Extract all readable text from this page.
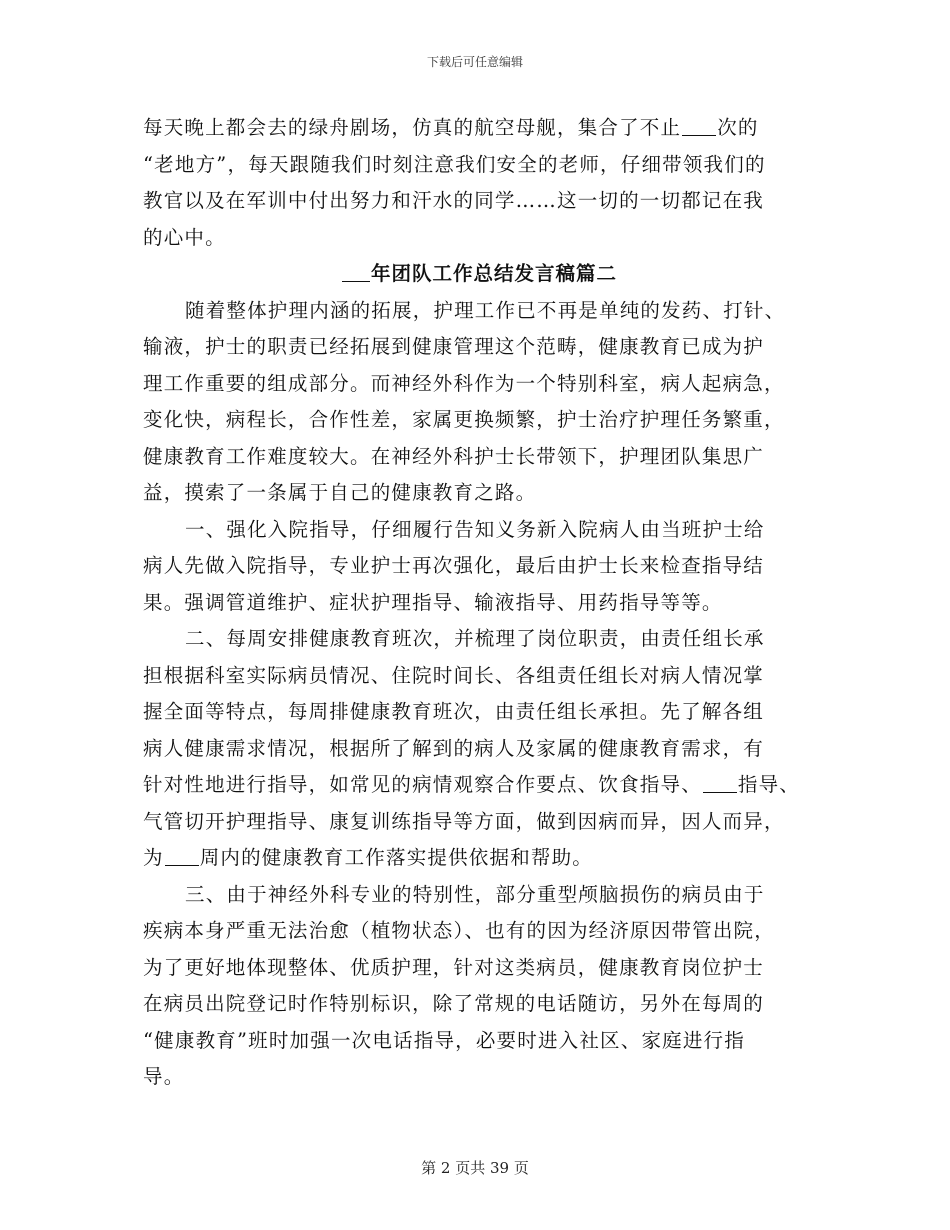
下载后可任意编辑
每天晚上都会去的绿舟剧场，仿真的航空母舰，集合了不止 次的
“老地方”，每天跟随我们时刻注意我们安全的老师，仔细带领我们的
教官以及在军训中付出努力和汗水的同学……这一切的一切都记在我
的心中。
年团队工作总结发言稿篇二
随着整体护理内涵的拓展，护理工作已不再是单纯的发药、打针、
输液，护士的职责已经拓展到健康管理这个范畴，健康教育已成为护
理工作重要的组成部分。而神经外科作为一个特别科室，病人起病急，
变化快，病程长，合作性差，家属更换频繁，护士治疗护理任务繁重，
健康教育工作难度较大。在神经外科护士长带领下，护理团队集思广
益，摸索了一条属于自己的健康教育之路。
一、强化入院指导，仔细履行告知义务新入院病人由当班护士给
病人先做入院指导，专业护士再次强化，最后由护士长来检查指导结
果。强调管道维护、症状护理指导、输液指导、用药指导等等。
二、每周安排健康教育班次，并梳理了岗位职责，由责任组长承
担根据科室实际病员情况、住院时间长、各组责任组长对病人情况掌
握全面等特点，每周排健康教育班次，由责任组长承担。先了解各组
病人健康需求情况，根据所了解到的病人及家属的健康教育需求，有
针对性地进行指导，如常见的病情观察合作要点、饮食指导、 指导、
气管切开护理指导、康复训练指导等方面，做到因病而异，因人而异，
为 周内的健康教育工作落实提供依据和帮助。
三、由于神经外科专业的特别性，部分重型颅脑损伤的病员由于
疾病本身严重无法治愈（植物状态）、也有的因为经济原因带管出院，
为了更好地体现整体、优质护理，针对这类病员，健康教育岗位护士
在病员出院登记时作特别标识，除了常规的电话随访，另外在每周的
“健康教育”班时加强一次电话指导，必要时进入社区、家庭进行指
导。
第 2 页共 39 页
